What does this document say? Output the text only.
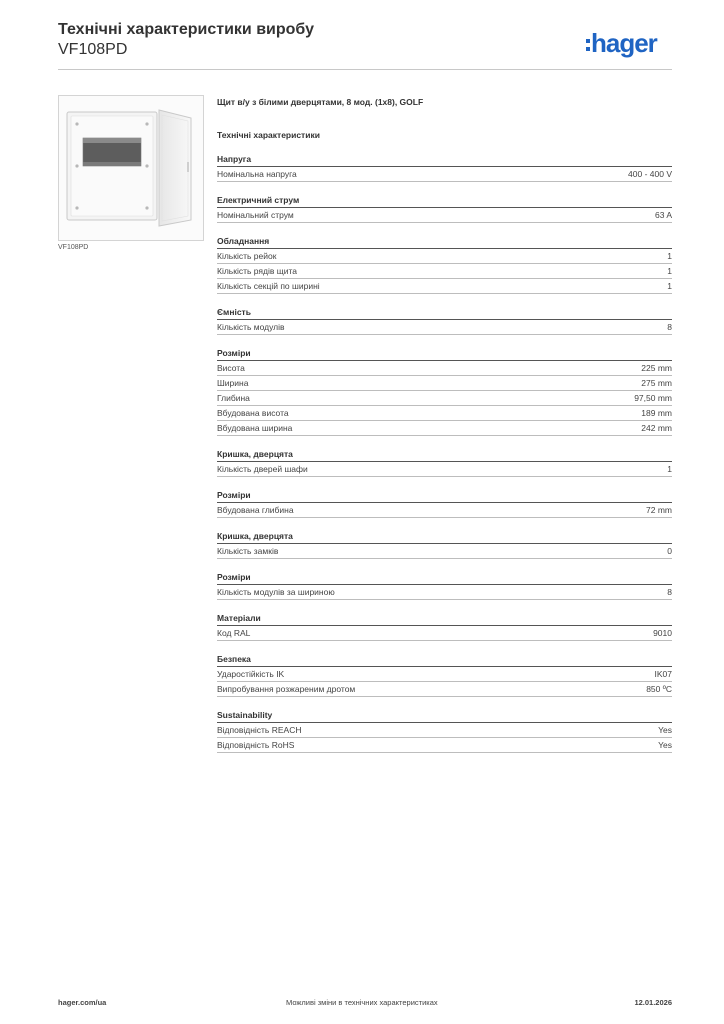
Технічні характеристики виробу
VF108PD	hager
VF108PD
Щит в/у з білими дверцятами, 8 мод. (1x8), GOLF
Технічні характеристики
Напруга
Номінальна напруга	400 - 400 V
Електричний струм
Номінальний струм	63 A
Обладнання
Кількість рейок	1
Кількість рядів щита	1
Кількість секцій по ширині	1
Ємність
Кількість модулів	8
Розміри
Висота	225 mm
Ширина	275 mm
Глибина	97,50 mm
Вбудована висота	189 mm
Вбудована ширина	242 mm
Кришка, дверцята
Кількість дверей шафи	1
Розміри
Вбудована глибина	72 mm
Кришка, дверцята
Кількість замків	0
Розміри
Кількість модулів за шириною	8
Матеріали
Код RAL	9010
Безпека
Ударостійкість IK	IK07
Випробування розжареним дротом	850 ºC
Sustainability
Відповідність REACH	Yes
Відповідність RoHS	Yes
hager.com/ua	Можливі зміни в технічних характеристиках	12.01.2026
